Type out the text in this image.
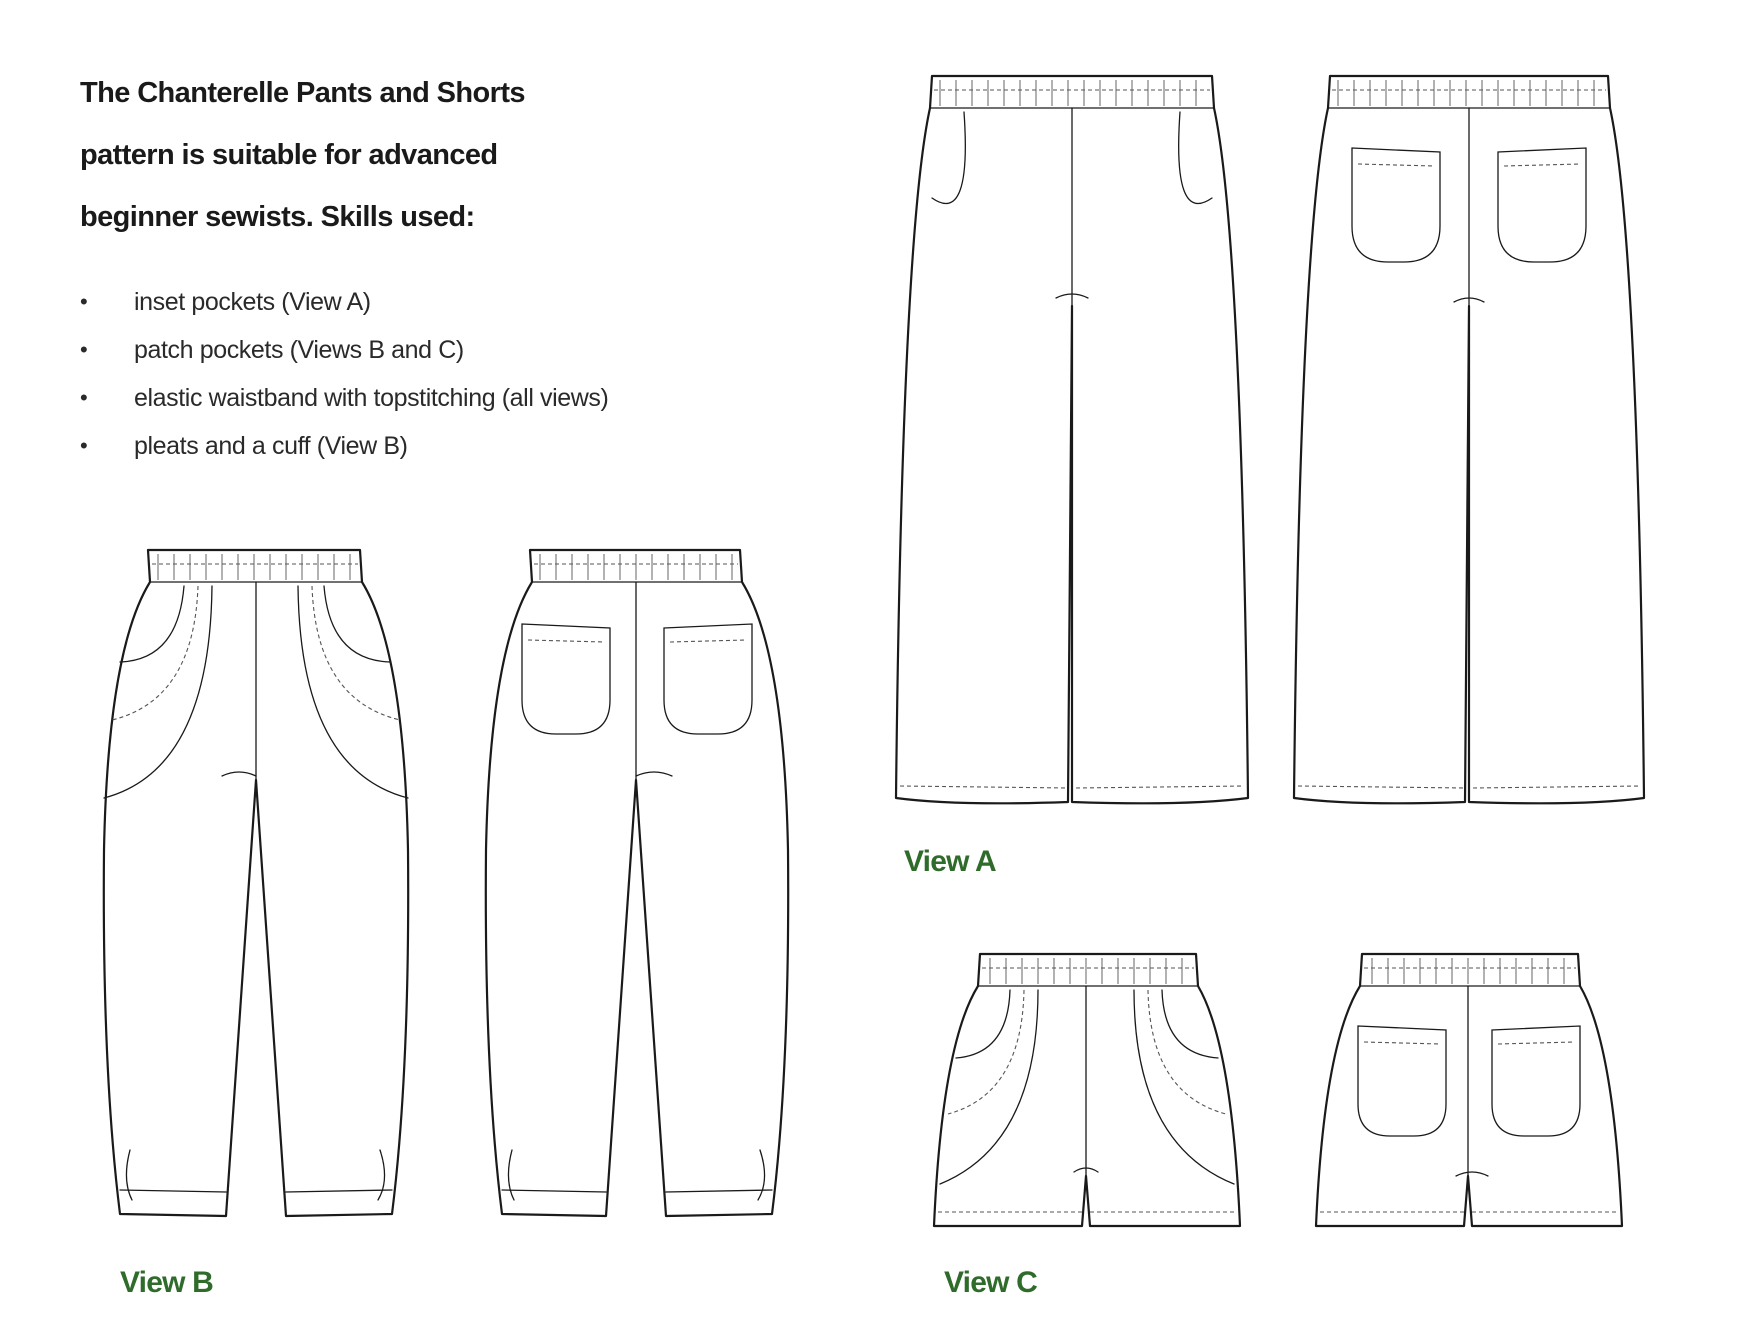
The Chanterelle Pants and Shorts
pattern is suitable for advanced
beginner sewists. Skills used:
• inset pockets (View A)
• patch pockets (Views B and C)
• elastic waistband with topstitching (all views)
• pleats and a cuff (View B)
View A
View B	View C
